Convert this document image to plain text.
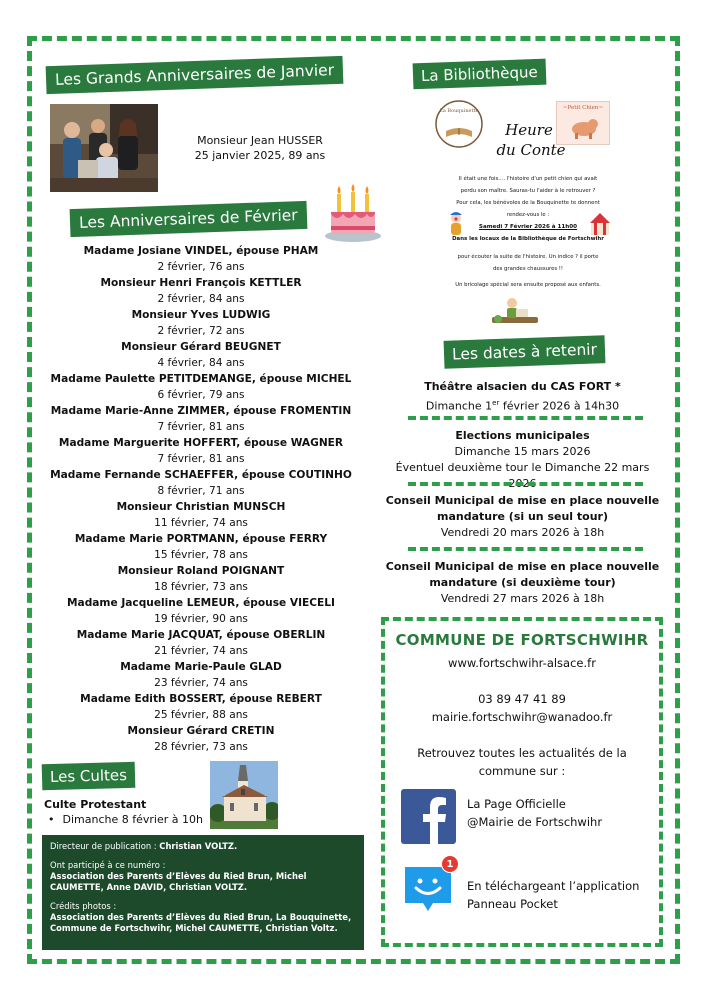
Les Grands Anniversaires de Janvier
Monsieur Jean HUSSER
25 janvier 2025, 89 ans
Les Anniversaires de Février
Madame Josiane VINDEL, épouse PHAM
2 février, 76 ans
Monsieur Henri François KETTLER
2 février, 84 ans
Monsieur Yves LUDWIG
2 février, 72 ans
Monsieur Gérard BEUGNET
4 février, 84 ans
Madame Paulette PETITDEMANGE, épouse MICHEL
6 février, 79 ans
Madame Marie-Anne ZIMMER, épouse FROMENTIN
7 février, 81 ans
Madame Marguerite HOFFERT, épouse WAGNER
7 février, 81 ans
Madame Fernande SCHAEFFER, épouse COUTINHO
8 février, 71 ans
Monsieur Christian MUNSCH
11 février, 74 ans
Madame Marie PORTMANN, épouse FERRY
15 février, 78 ans
Monsieur Roland POIGNANT
18 février, 73 ans
Madame Jacqueline LEMEUR, épouse VIECELI
19 février, 90 ans
Madame Marie JACQUAT, épouse OBERLIN
21 février, 74 ans
Madame Marie-Paule GLAD
23 février, 74 ans
Madame Edith BOSSERT, épouse REBERT
25 février, 88 ans
Monsieur Gérard CRETIN
28 février, 73 ans
Les Cultes
Culte Protestant
• Dimanche 8 février à 10h
Directeur de publication : Christian VOLTZ.
Ont participé à ce numéro :
Association des Parents d’Elèves du Ried Brun, Michel CAUMETTE, Anne DAVID, Christian VOLTZ.
Crédits photos :
Association des Parents d’Elèves du Ried Brun, La Bouquinette, Commune de Fortschwihr, Michel CAUMETTE, Christian Voltz.
La Bibliothèque
La Bouquinette	~Petit Chien~
Heure
du Conte
Il était une fois.... l'histoire d'un petit chien qui avait
perdu son maître. Sauras-tu l'aider à le retrouver ?
Pour cela, les bénévoles de la Bouquinette te donnent
rendez-vous le :
Samedi 7 Février 2026 à 11h00
Dans les locaux de la Bibliothèque de Fortschwihr
pour écouter la suite de l'histoire. Un indice ? il porte
des grandes chaussures !!
Un bricolage spécial sera ensuite proposé aux enfants.
Les dates à retenir
Théâtre alsacien du CAS FORT *
Dimanche 1er février 2026 à 14h30
Elections municipales
Dimanche 15 mars 2026
Éventuel deuxième tour le Dimanche 22 mars 2026
Conseil Municipal de mise en place nouvelle mandature (si un seul tour)
Vendredi 20 mars 2026 à 18h
Conseil Municipal de mise en place nouvelle mandature (si deuxième tour)
Vendredi 27 mars 2026 à 18h
COMMUNE DE FORTSCHWIHR
www.fortschwihr-alsace.fr
03 89 47 41 89
mairie.fortschwihr@wanadoo.fr
Retrouvez toutes les actualités de la
commune sur :
La Page Officielle
@Mairie de Fortschwihr
1
En téléchargeant l’application
Panneau Pocket
